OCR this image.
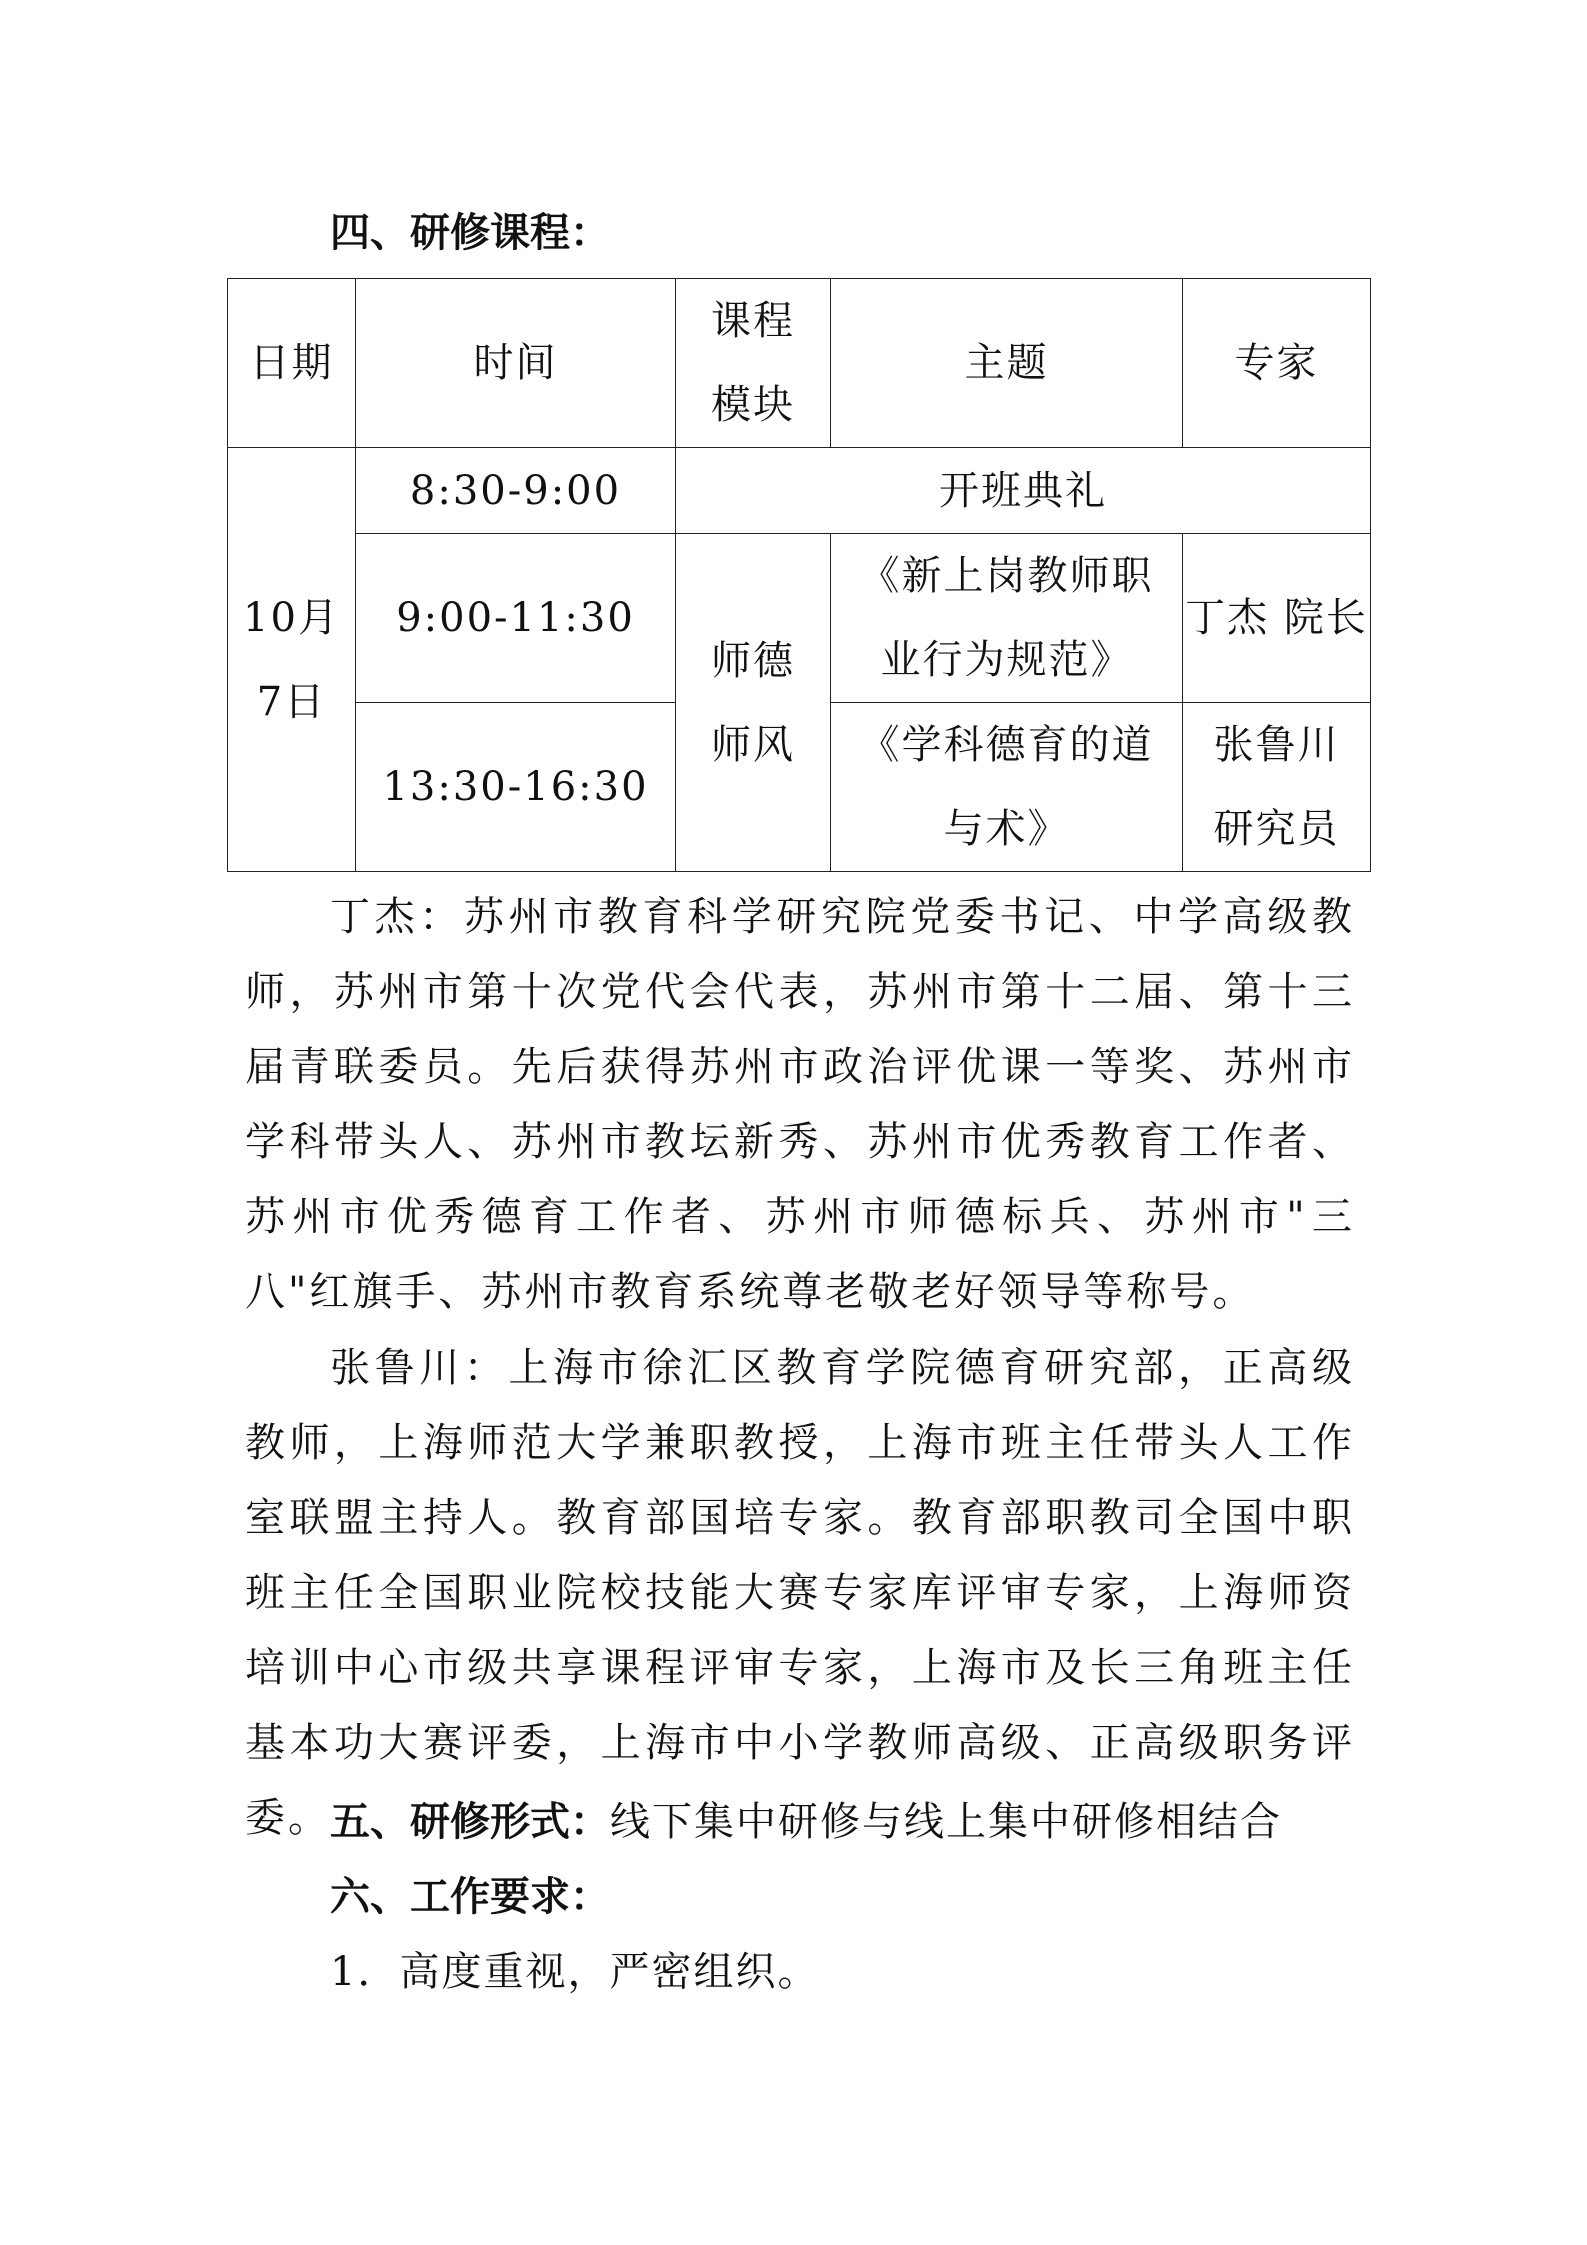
四、研修课程：
日期	时间	课程 模块	主题	专家
10月 7日	8:30-9:00	开班典礼		
	9:00-11:30	师德 师风	《新上岗教师职 业行为规范》	丁杰 院长
	13:30-16:30		《学科德育的道 与术》	张鲁川 研究员

丁杰：苏州市教育科学研究院党委书记、中学高级教师，苏州市第十次党代会代表，苏州市第十二届、第十三届青联委员。先后获得苏州市政治评优课一等奖、苏州市学科带头人、苏州市教坛新秀、苏州市优秀教育工作者、苏州市优秀德育工作者、苏州市师德标兵、苏州市"三八"红旗手、苏州市教育系统尊老敬老好领导等称号。

张鲁川：上海市徐汇区教育学院德育研究部，正高级教师，上海师范大学兼职教授，上海市班主任带头人工作室联盟主持人。教育部国培专家。教育部职教司全国中职班主任全国职业院校技能大赛专家库评审专家，上海师资培训中心市级共享课程评审专家，上海市及长三角班主任基本功大赛评委，上海市中小学教师高级、正高级职务评委。 五、研修形式：线下集中研修与线上集中研修相结合
六、工作要求：
1．高度重视，严密组织。
